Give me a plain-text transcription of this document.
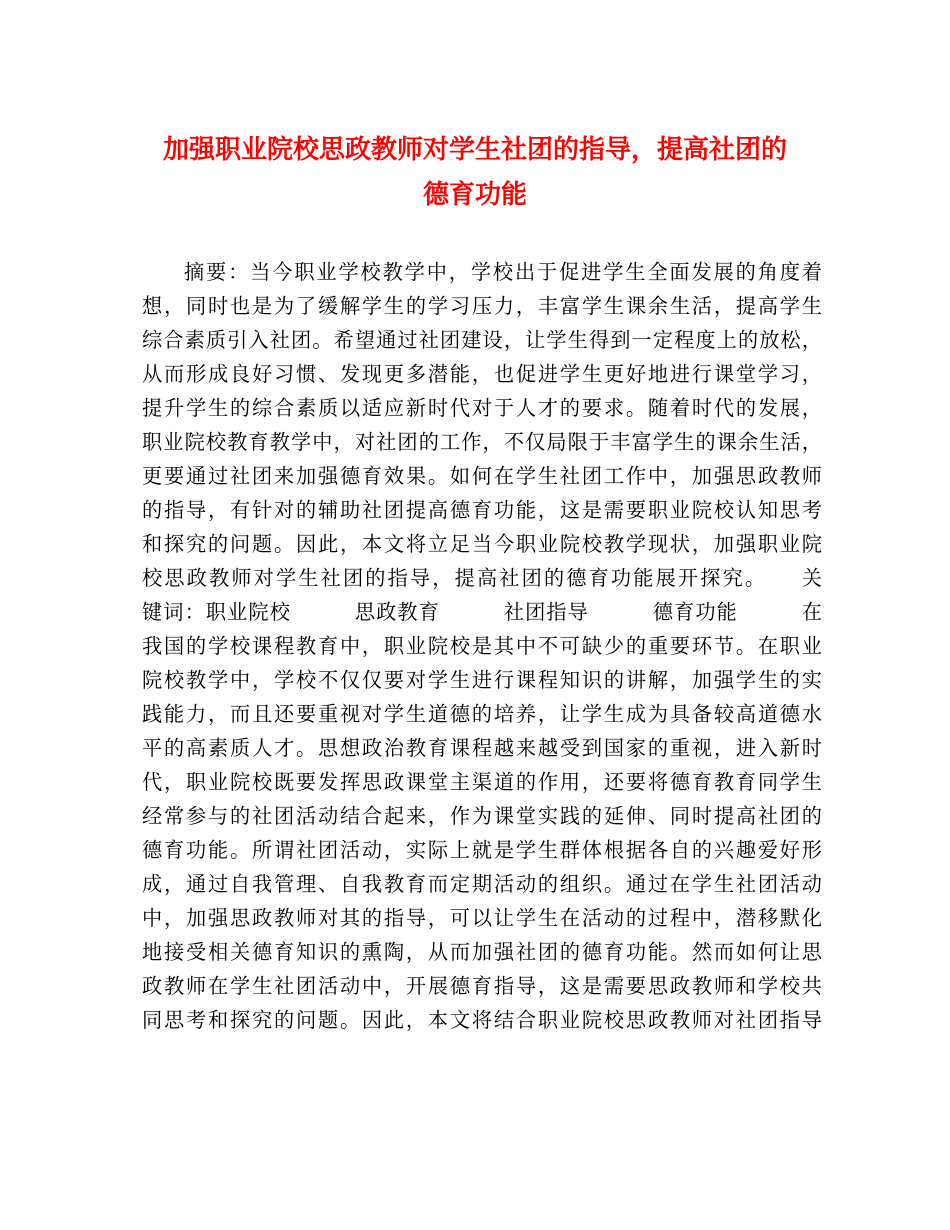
加强职业院校思政教师对学生社团的指导，提高社团的
德育功能
摘要：当今职业学校教学中，学校出于促进学生全面发展的角度着
想，同时也是为了缓解学生的学习压力，丰富学生课余生活，提高学生
综合素质引入社团。希望通过社团建设，让学生得到一定程度上的放松，
从而形成良好习惯、发现更多潜能，也促进学生更好地进行课堂学习，
提升学生的综合素质以适应新时代对于人才的要求。随着时代的发展，
职业院校教育教学中，对社团的工作，不仅局限于丰富学生的课余生活，
更要通过社团来加强德育效果。如何在学生社团工作中，加强思政教师
的指导，有针对的辅助社团提高德育功能，这是需要职业院校认知思考
和探究的问题。因此，本文将立足当今职业院校教学现状，加强职业院
校思政教师对学生社团的指导，提高社团的德育功能展开探究。　　关
键词：职业院校　　　思政教育　　　社团指导　　　德育功能　　　在
我国的学校课程教育中，职业院校是其中不可缺少的重要环节。在职业
院校教学中，学校不仅仅要对学生进行课程知识的讲解，加强学生的实
践能力，而且还要重视对学生道德的培养，让学生成为具备较高道德水
平的高素质人才。思想政治教育课程越来越受到国家的重视，进入新时
代，职业院校既要发挥思政课堂主渠道的作用，还要将德育教育同学生
经常参与的社团活动结合起来，作为课堂实践的延伸、同时提高社团的
德育功能。所谓社团活动，实际上就是学生群体根据各自的兴趣爱好形
成，通过自我管理、自我教育而定期活动的组织。通过在学生社团活动
中，加强思政教师对其的指导，可以让学生在活动的过程中，潜移默化
地接受相关德育知识的熏陶，从而加强社团的德育功能。然而如何让思
政教师在学生社团活动中，开展德育指导，这是需要思政教师和学校共
同思考和探究的问题。因此，本文将结合职业院校思政教师对社团指导
